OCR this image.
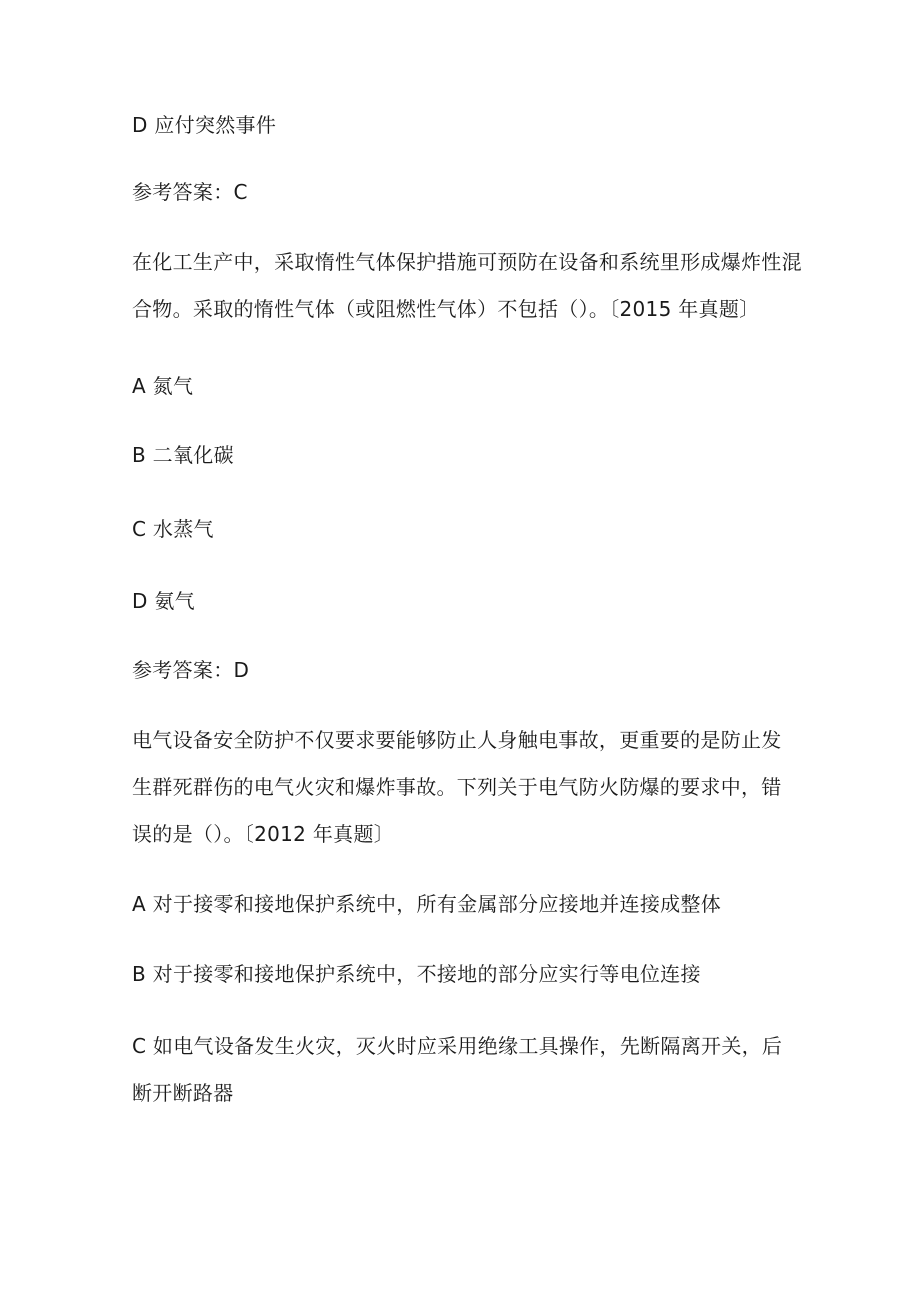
D 应付突然事件
参考答案：C
在化工生产中，采取惰性气体保护措施可预防在设备和系统里形成爆炸性混
合物。采取的惰性气体（或阻燃性气体）不包括（）。〔2015 年真题〕
A 氮气
B 二氧化碳
C 水蒸气
D 氨气
参考答案：D
电气设备安全防护不仅要求要能够防止人身触电事故，更重要的是防止发
生群死群伤的电气火灾和爆炸事故。下列关于电气防火防爆的要求中，错
误的是（）。〔2012 年真题〕
A 对于接零和接地保护系统中，所有金属部分应接地并连接成整体
B 对于接零和接地保护系统中，不接地的部分应实行等电位连接
C 如电气设备发生火灾，灭火时应采用绝缘工具操作，先断隔离开关，后
断开断路器
